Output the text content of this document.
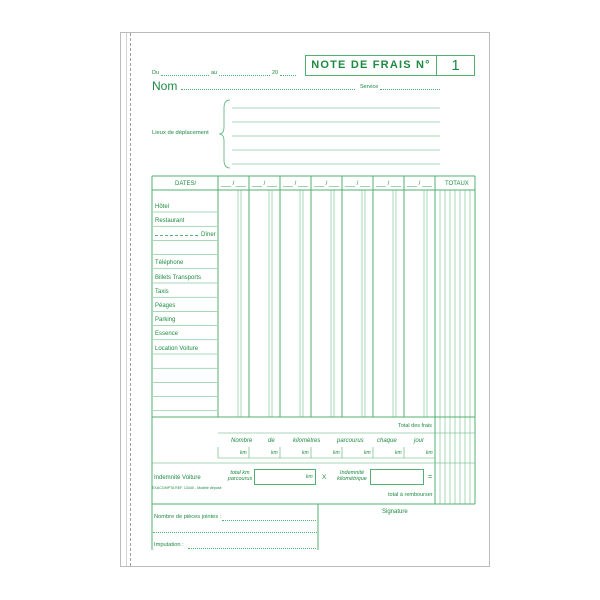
NOTE DE FRAIS N° 1
Du	au	20
Nom	Service
Lieux de déplacement
DATES/	___ / ___ ___ / ___ ___ / ___ ___ / ___ ___ / ___ ___ / ___ ___ / ___	TOTAUX
Hôtel
Restaurant
Dîner
Téléphone
Billets Transports
Taxis
Péages
Parking
Essence
Location Voiture
Total des frais
Nombre	de	kilomètres	parcourus chaque	jour
km	km	km	km	km	km	km
Indemnité Voiture
total km
parcourus	km X
Indemnité
kilométrique	=
EXACOMPTA REF. 13440 - Modèle déposé
total à rembourser
Signature
Nombre de pièces jointes :
Imputation :
